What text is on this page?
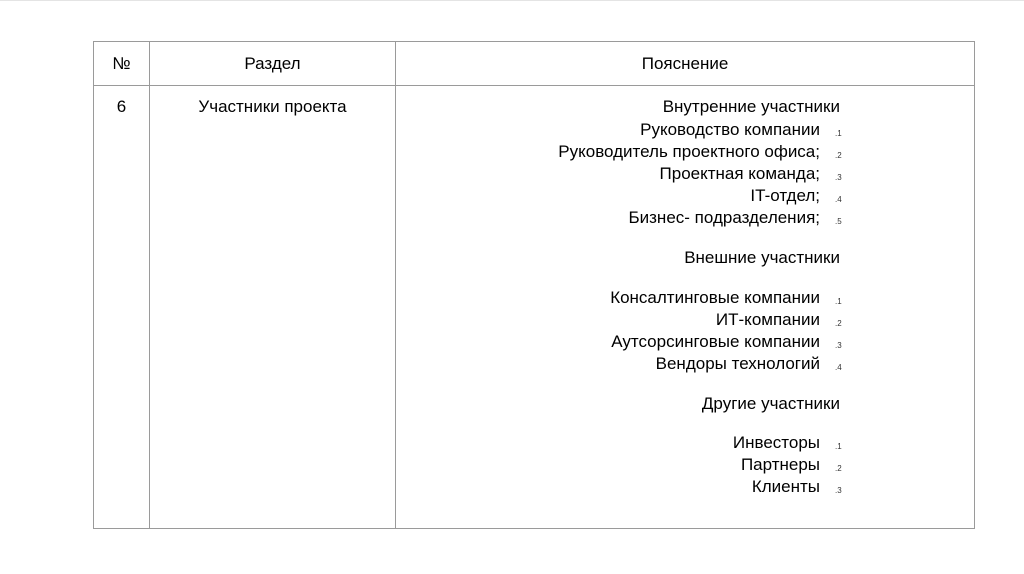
№	Раздел	Пояснение
6	Участники проекта	Внутренние участники
Руководство компании .1
Руководитель проектного офиса; .2
Проектная команда; .3
IT-отдел; .4
Бизнес- подразделения; .5
Внешние участники
Консалтинговые компании .1
ИТ-компании .2
Аутсорсинговые компании .3
Вендоры технологий .4
Другие участники
Инвесторы .1
Партнеры .2
Клиенты .3
